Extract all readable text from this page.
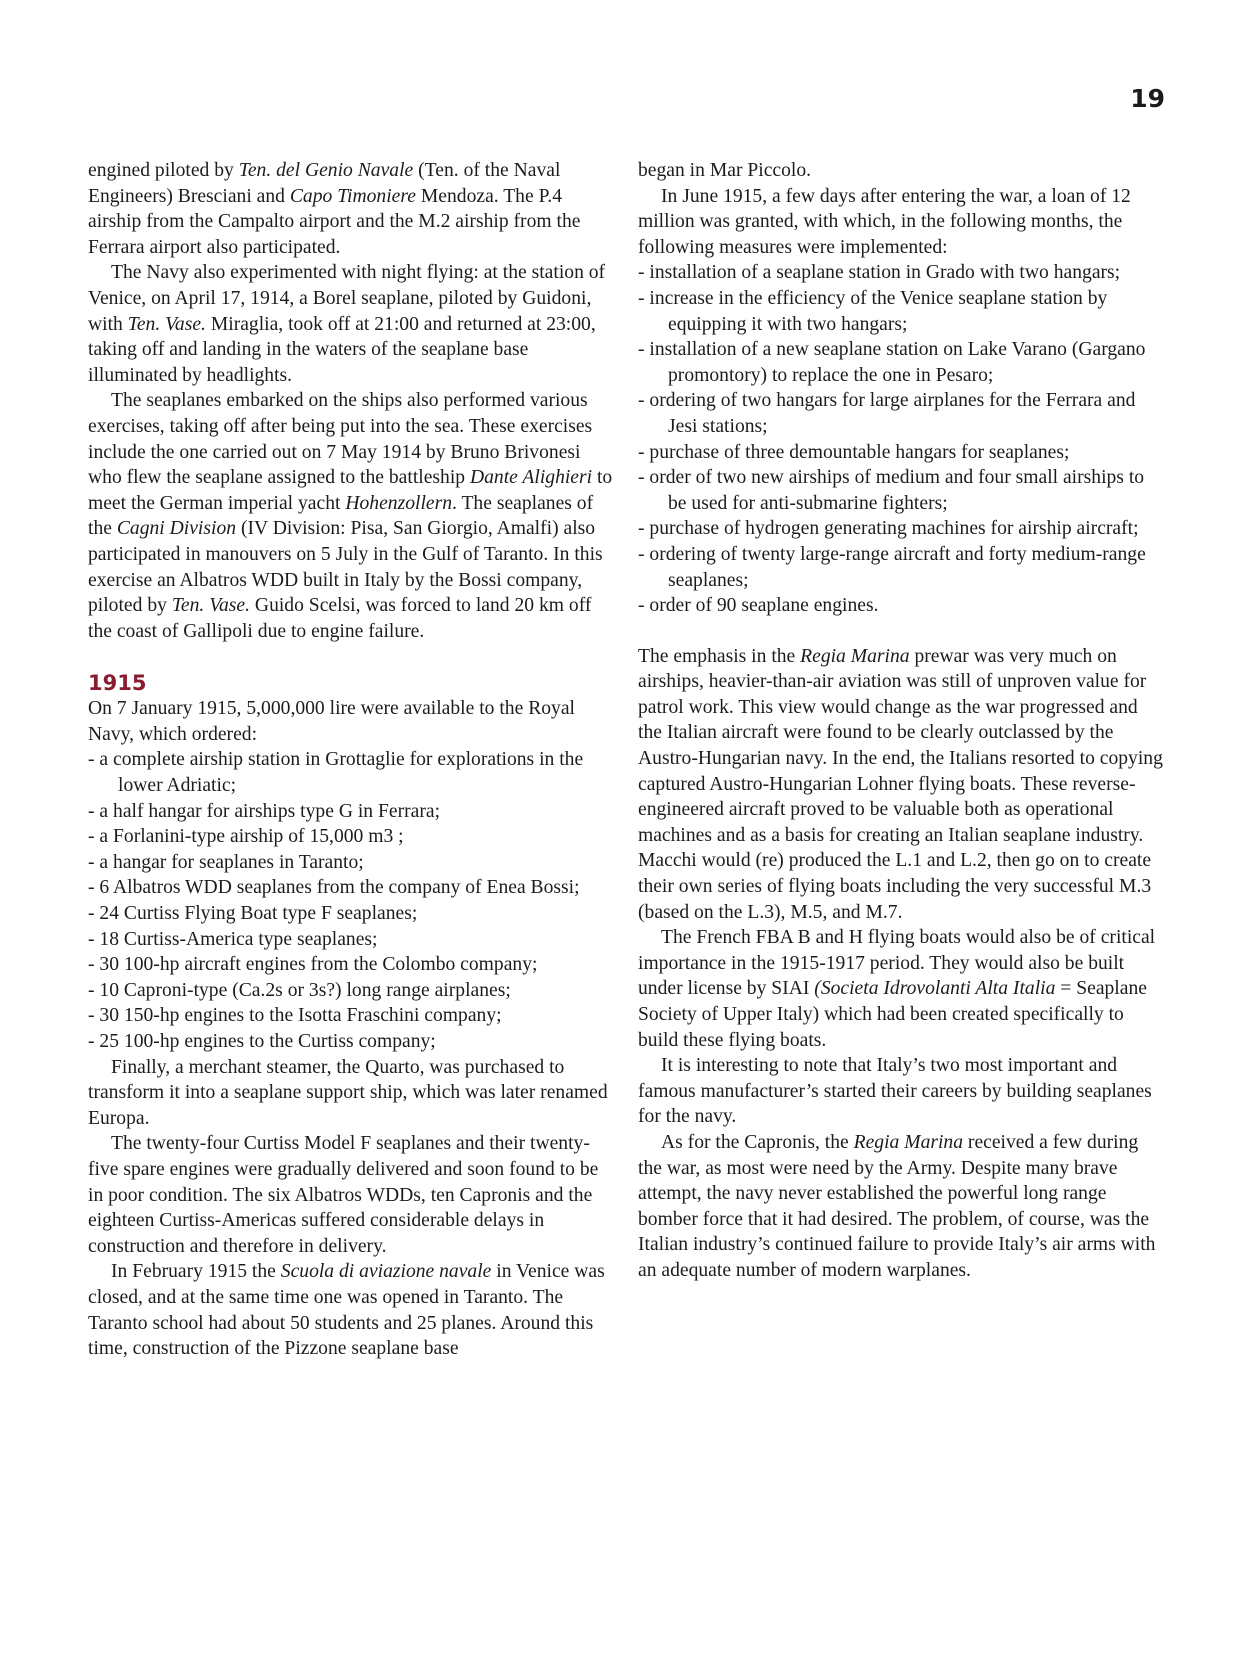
19

engined piloted by Ten. del Genio Navale (Ten. of the Naval Engineers) Bresciani and Capo Timoniere Mendoza. The P.4 airship from the Campalto airport and the M.2 airship from the Ferrara airport also participated.

The Navy also experimented with night flying: at the station of Venice, on April 17, 1914, a Borel seaplane, piloted by Guidoni, with Ten. Vase. Miraglia, took off at 21:00 and returned at 23:00, taking off and landing in the waters of the seaplane base illuminated by headlights.

The seaplanes embarked on the ships also performed various exercises, taking off after being put into the sea. These exercises include the one carried out on 7 May 1914 by Bruno Brivonesi who flew the seaplane assigned to the battleship Dante Alighieri to meet the German imperial yacht Hohenzollern. The seaplanes of the Cagni Division (IV Division: Pisa, San Giorgio, Amalfi) also participated in manouvers on 5 July in the Gulf of Taranto. In this exercise an Albatros WDD built in Italy by the Bossi company, piloted by Ten. Vase. Guido Scelsi, was forced to land 20 km off the coast of Gallipoli due to engine failure.

1915

On 7 January 1915, 5,000,000 lire were available to the Royal Navy, which ordered:

- a complete airship station in Grottaglie for explorations in the lower Adriatic;
- a half hangar for airships type G in Ferrara;
- a Forlanini-type airship of 15,000 m3 ;
- a hangar for seaplanes in Taranto;
- 6 Albatros WDD seaplanes from the company of Enea Bossi;
- 24 Curtiss Flying Boat type F seaplanes;
- 18 Curtiss-America type seaplanes;
- 30 100-hp aircraft engines from the Colombo company;
- 10 Caproni-type (Ca.2s or 3s?) long range airplanes;
- 30 150-hp engines to the Isotta Fraschini company;
- 25 100-hp engines to the Curtiss company;

Finally, a merchant steamer, the Quarto, was purchased to transform it into a seaplane support ship, which was later renamed Europa.

The twenty-four Curtiss Model F seaplanes and their twenty-five spare engines were gradually delivered and soon found to be in poor condition. The six Albatros WDDs, ten Capronis and the eighteen Curtiss-Americas suffered considerable delays in construction and therefore in delivery.

In February 1915 the Scuola di aviazione navale in Venice was closed, and at the same time one was opened in Taranto. The Taranto school had about 50 students and 25 planes. Around this time, construction of the Pizzone seaplane base

began in Mar Piccolo.

In June 1915, a few days after entering the war, a loan of 12 million was granted, with which, in the following months, the following measures were implemented:

- installation of a seaplane station in Grado with two hangars;
- increase in the efficiency of the Venice seaplane station by equipping it with two hangars;
- installation of a new seaplane station on Lake Varano (Gargano promontory) to replace the one in Pesaro;
- ordering of two hangars for large airplanes for the Ferrara and Jesi stations;
- purchase of three demountable hangars for seaplanes;
- order of two new airships of medium and four small airships to be used for anti-submarine fighters;
- purchase of hydrogen generating machines for airship aircraft;
- ordering of twenty large-range aircraft and forty medium-range seaplanes;
- order of 90 seaplane engines.

The emphasis in the Regia Marina prewar was very much on airships, heavier-than-air aviation was still of unproven value for patrol work. This view would change as the war progressed and the Italian aircraft were found to be clearly outclassed by the Austro-Hungarian navy. In the end, the Italians resorted to copying captured Austro-Hungarian Lohner flying boats. These reverse-engineered aircraft proved to be valuable both as operational machines and as a basis for creating an Italian seaplane industry. Macchi would (re) produced the L.1 and L.2, then go on to create their own series of flying boats including the very successful M.3 (based on the L.3), M.5, and M.7.

The French FBA B and H flying boats would also be of critical importance in the 1915-1917 period. They would also be built under license by SIAI (Societa Idrovolanti Alta Italia = Seaplane Society of Upper Italy) which had been created specifically to build these flying boats.

It is interesting to note that Italy’s two most important and famous manufacturer’s started their careers by building seaplanes for the navy.

As for the Capronis, the Regia Marina received a few during the war, as most were need by the Army. Despite many brave attempt, the navy never established the powerful long range bomber force that it had desired. The problem, of course, was the Italian industry’s continued failure to provide Italy’s air arms with an adequate number of modern warplanes.
